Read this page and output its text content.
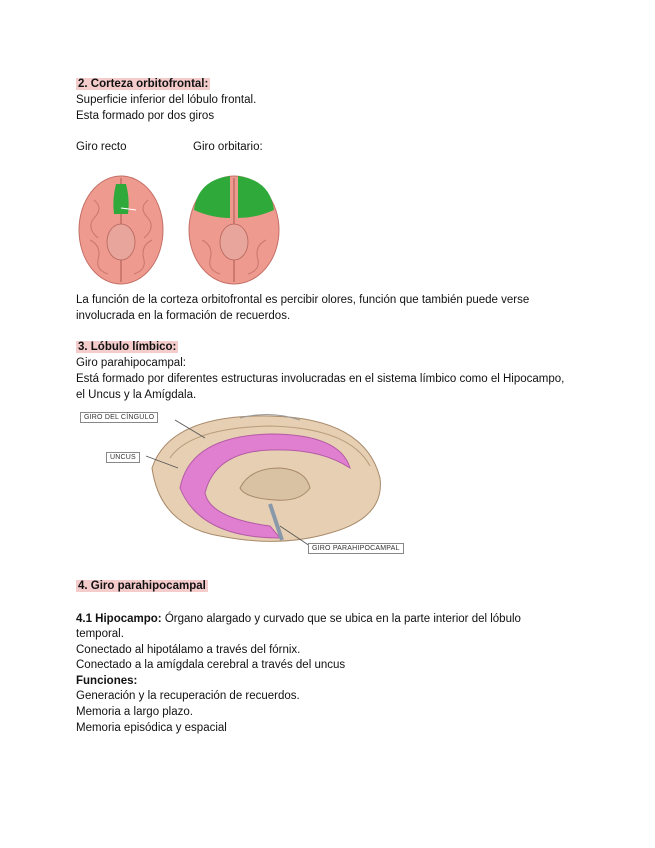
2. Corteza orbitofrontal:
Superficie inferior del lóbulo frontal.
Esta formado por dos giros
Giro recto	Giro orbitario:
La función de la corteza orbitofrontal es percibir olores, función que también puede verse
involucrada en la formación de recuerdos.
3. Lóbulo límbico:
Giro parahipocampal:
Está formado por diferentes estructuras involucradas en el sistema límbico como el Hipocampo,
el Uncus y la Amígdala.
GIRO DEL CÍNGULO
UNCUS
GIRO PARAHIPOCAMPAL
4. Giro parahipocampal
4.1 Hipocampo: Órgano alargado y curvado que se ubica en la parte interior del lóbulo
temporal.
Conectado al hipotálamo a través del fórnix.
Conectado a la amígdala cerebral a través del uncus
Funciones:
Generación y la recuperación de recuerdos.
Memoria a largo plazo.
Memoria episódica y espacial
